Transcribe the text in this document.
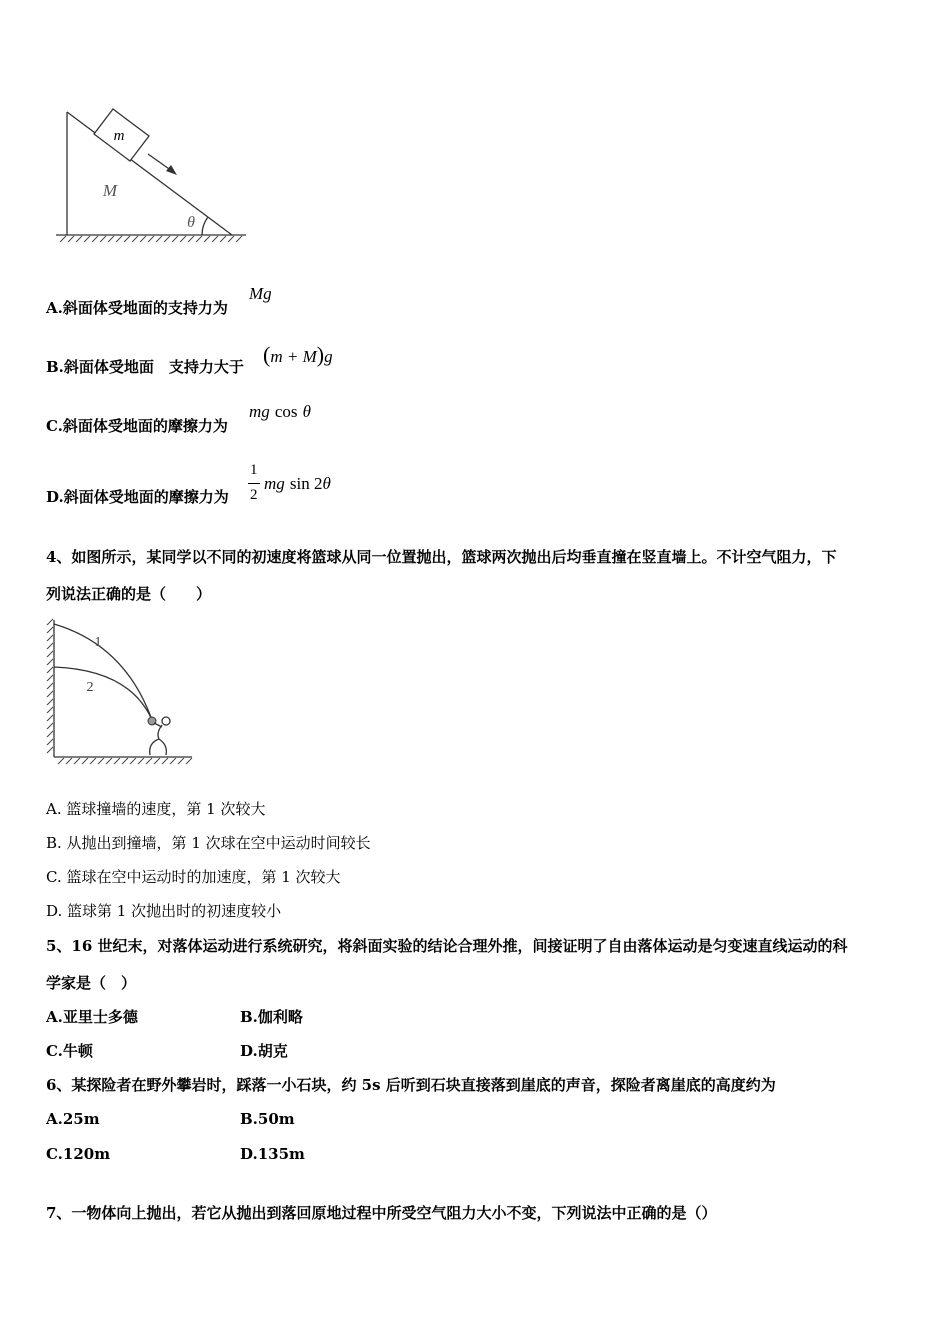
m
M
θ
A.斜面体受地面的支持力为
Mg
B.斜面体受地面　支持力大于 (m + M)g
C.斜面体受地面的摩擦力为
mg cos θ
D.斜面体受地面的摩擦力为
1
2
mg sin 2θ
4、如图所示，某同学以不同的初速度将篮球从同一位置抛出，篮球两次抛出后均垂直撞在竖直墙上。不计空气阻力，下
列说法正确的是（　　）
1
2
A. 篮球撞墙的速度，第 1 次较大
B. 从抛出到撞墙，第 1 次球在空中运动时间较长
C. 篮球在空中运动时的加速度，第 1 次较大
D. 篮球第 1 次抛出时的初速度较小
5、16 世纪末，对落体运动进行系统研究，将斜面实验的结论合理外推，间接证明了自由落体运动是匀变速直线运动的科
学家是（　）
A.亚里士多德	B.伽利略
C.牛顿	D.胡克
6、某探险者在野外攀岩时，踩落一小石块，约 5s 后听到石块直接落到崖底的声音，探险者离崖底的高度约为
A.25m	B.50m
C.120m	D.135m
7、一物体向上抛出，若它从抛出到落回原地过程中所受空气阻力大小不变，下列说法中正确的是（）
